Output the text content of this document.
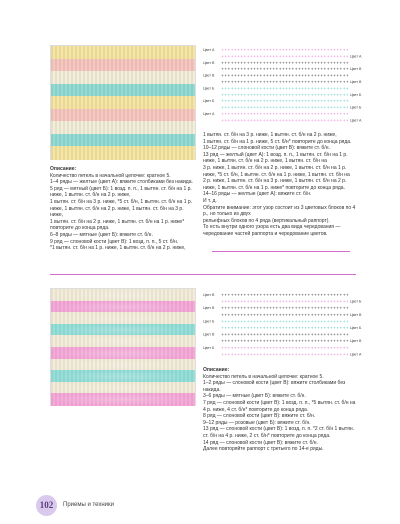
Цвет А + + + + + + + + + + + + + + + + + + + + + + + + + + + + + + + + + + + + + + + +
Цвет А
+ + + + + + + + + + + + + + + + + + + + + + + + + + + + + + + + + + + + + + + +
Цвет В + + + + + + + + + + + + + + + + + + + + + + + + + + + + + + + + + + + + + + + +
Цвет В
+ + + + + + + + + + + + + + + + + + + + + + + + + + + + + + + + + + + + + + + +
Цвет В + + + + + + + + + + + + + + + + + + + + + + + + + + + + + + + + + + + + + + + +
Цвет В
+ + + + + + + + + + + + + + + + + + + + + + + + + + + + + + + + + + + + + + + +
Цвет Б + + + + + + + + + + + + + + + + + + + + + + + + + + + + + + + + + + + + + + + +
Цвет Б
+ + + + + + + + + + + + + + + + + + + + + + + + + + + + + + + + + + + + + + + +
Цвет Б + + + + + + + + + + + + + + + + + + + + + + + + + + + + + + + + + + + + + + + +
Цвет Б
+ + + + + + + + + + + + + + + + + + + + + + + + + + + + + + + + + + + + + + + +
Цвет А + + + + + + + + + + + + + + + + + + + + + + + + + + + + + + + + + + + + + + + +
Цвет А
+ + + + + + + + + + + + + + + + + + + + + + + + + + + + + + + + + + + + + + + +

Описание:

Количество петель в начальной цепочке: кратное 5.

1–4 ряды — желтые (цвет А): вяжите столбиками без накида.

5 ряд — мятный (цвет Б): 1 возд. п. п., 1 вытян. ст. б/н на 1 р. ниже, 1 вытян. ст. б/н на 2 р. ниже,

1 вытян. ст. б/н на 3 р. ниже, *5 ст. б/н, 1 вытян. ст. б/н на 1 р. ниже, 1 вытян. ст. б/н на 2 р. ниже, 1 вытян. ст. б/н на 3 р. ниже,

1 вытян. ст. б/н на 2 р. ниже, 1 вытян. ст. б/н на 1 р. ниже* повторите до конца ряда.

6–8 ряды — мятные (цвет Б): вяжите ст. б/н.

9 ряд — слоновой кости (цвет В): 1 возд. п. п., 5 ст. б/н.

*1 вытян. ст. б/н на 1 р. ниже, 1 вытян. ст. б/н на 2 р. ниже,

1 вытян. ст. б/н на 3 р. ниже, 1 вытян. ст. б/н на 2 р. ниже,

1 вытян. ст. б/н на 1 р. ниже, 5 ст. б/н* повторите до конца ряда.

10–12 ряды — слоновой кости (цвет В): вяжите ст. б/н.

13 ряд — желтый (цвет А): 1 возд. п. п., 1 вытян. ст. б/н на 1 р. ниже, 1 вытян. ст. б/н на 2 р. ниже, 1 вытян. ст. б/н на

3 р. ниже, 1 вытян. ст. б/н на 2 р. ниже, 1 вытян. ст. б/н на 1 р. ниже, *5 ст. б/н, 1 вытян. ст. б/н на 1 р. ниже, 1 вытян. ст. б/н на

2 р. ниже, 1 вытян. ст. б/н на 3 р. ниже, 1 вытян. ст. б/н на 2 р. ниже, 1 вытян. ст. б/н на 1 р. ниже* повторите до конца ряда.

14–16 ряды — желтые (цвет А): вяжите ст. б/н.

И т. д.

Обратите внимание: этот узор состоит из 3 цветовых блоков по 4 р., но только из двух

рельефных блоков по 4 ряда (вертикальный раппорт).

То есть внутри одного узора есть два вида чередования — чередование частей раппорта и чередование цветов.

Цвет В + + + + + + + + + + + + + + + + + + + + + + + + + + + + + + + + + + + + + + + +
Цвет Б
+ + + + + + + + + + + + + + + + + + + + + + + + + + + + + + + + + + + + + + + +
Цвет В + + + + + + + + + + + + + + + + + + + + + + + + + + + + + + + + + + + + + + + +
Цвет В
+ + + + + + + + + + + + + + + + + + + + + + + + + + + + + + + + + + + + + + + +
Цвет Б + + + + + + + + + + + + + + + + + + + + + + + + + + + + + + + + + + + + + + + +
Цвет Б
+ + + + + + + + + + + + + + + + + + + + + + + + + + + + + + + + + + + + + + + +
Цвет В + + + + + + + + + + + + + + + + + + + + + + + + + + + + + + + + + + + + + + + +
Цвет В
+ + + + + + + + + + + + + + + + + + + + + + + + + + + + + + + + + + + + + + + +
Цвет Б + + + + + + + + + + + + + + + + + + + + + + + + + + + + + + + + + + + + + + + +
Цвет А
+ + + + + + + + + + + + + + + + + + + + + + + + + + + + + + + + + + + + + + + +

Описание:

Количество петель в начальной цепочке: кратное 5.

1–2 ряды — слоновой кости (цвет В): вяжите столбиками без накида.

3–6 ряды — мятные (цвет Б): вяжите ст. б/н.

7 ряд — слоновой кости (цвет В): 1 возд. п. п., *5 вытян. ст. б/н на 4 р. ниже, 4 ст. б/н* повторите до конца ряда.

8 ряд — слоновой кости (цвет В): вяжите ст. б/н.

9–12 ряды — розовые (цвет Б): вяжите ст. б/н.

13 ряд — слоновой кости (цвет В): 1 возд. п. п. *2 ст. б/н 1 вытян. ст. б/н на 4 р. ниже, 2 ст. б/н* повторите до конца ряда.

14 ряд — слоновой кости (цвет В): вяжите ст. б/н.

Далее повторяйте раппорт с третьего по 14-е ряды.

102	Приемы и техники
